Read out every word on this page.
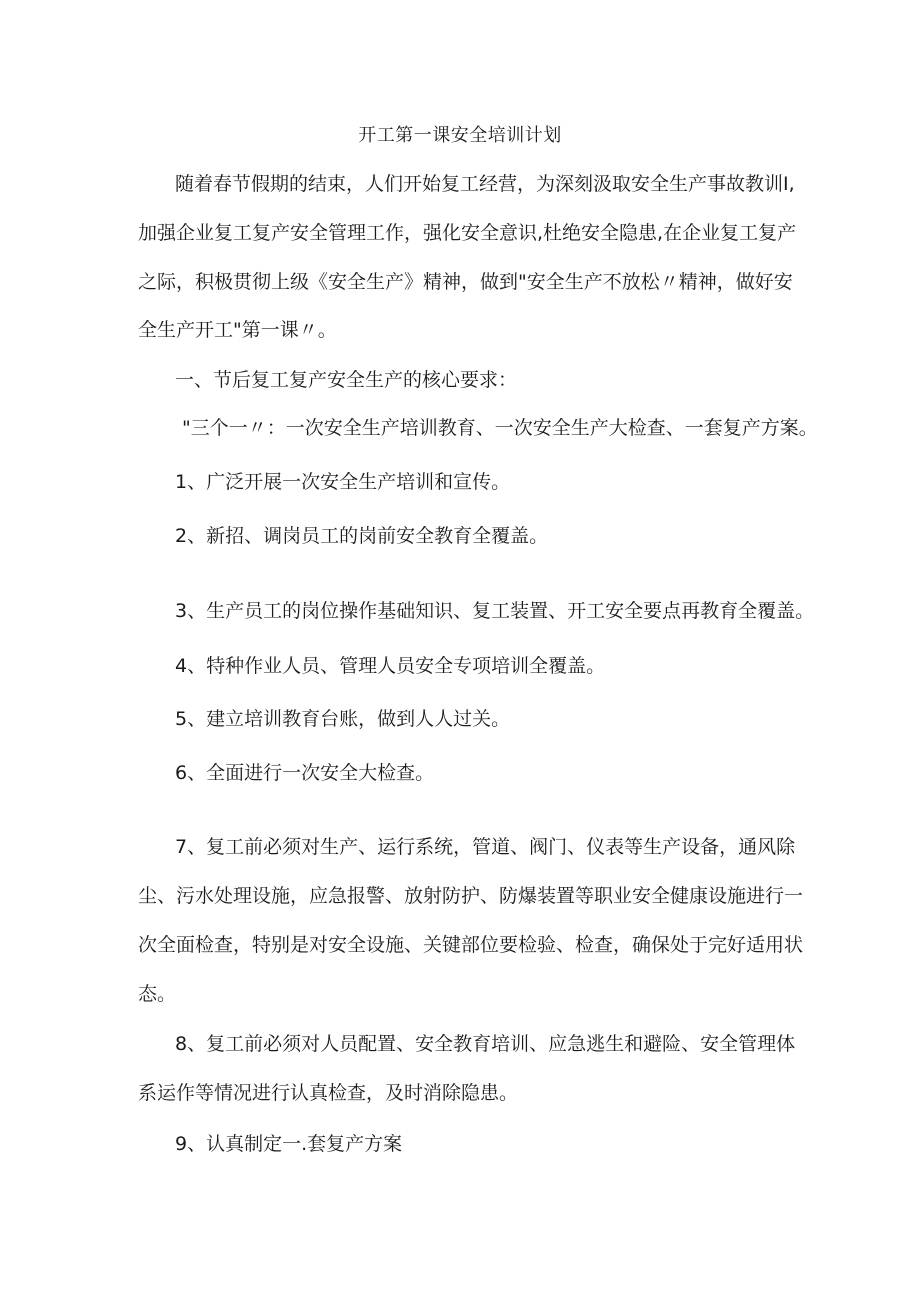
开工第一课安全培训计划
随着春节假期的结束，人们开始复工经营，为深刻汲取安全生产事故教训I,
加强企业复工复产安全管理工作，强化安全意识,杜绝安全隐患,在企业复工复产
之际，积极贯彻上级《安全生产》精神，做到"安全生产不放松〃精神，做好安
全生产开工"第一课〃。
一、节后复工复产安全生产的核心要求：
"三个一〃：一次安全生产培训教育、一次安全生产大检查、一套复产方案。
1、广泛开展一次安全生产培训和宣传。
2、新招、调岗员工的岗前安全教育全覆盖。
3、生产员工的岗位操作基础知识、复工装置、开工安全要点再教育全覆盖。
4、特种作业人员、管理人员安全专项培训全覆盖。
5、建立培训教育台账，做到人人过关。
6、全面进行一次安全大检查。
7、复工前必须对生产、运行系统，管道、阀门、仪表等生产设备，通风除
尘、污水处理设施，应急报警、放射防护、防爆装置等职业安全健康设施进行一
次全面检查，特别是对安全设施、关键部位要检验、检查，确保处于完好适用状
态。
8、复工前必须对人员配置、安全教育培训、应急逃生和避险、安全管理体
系运作等情况进行认真检查，及时消除隐患。
9、认真制定一.套复产方案
